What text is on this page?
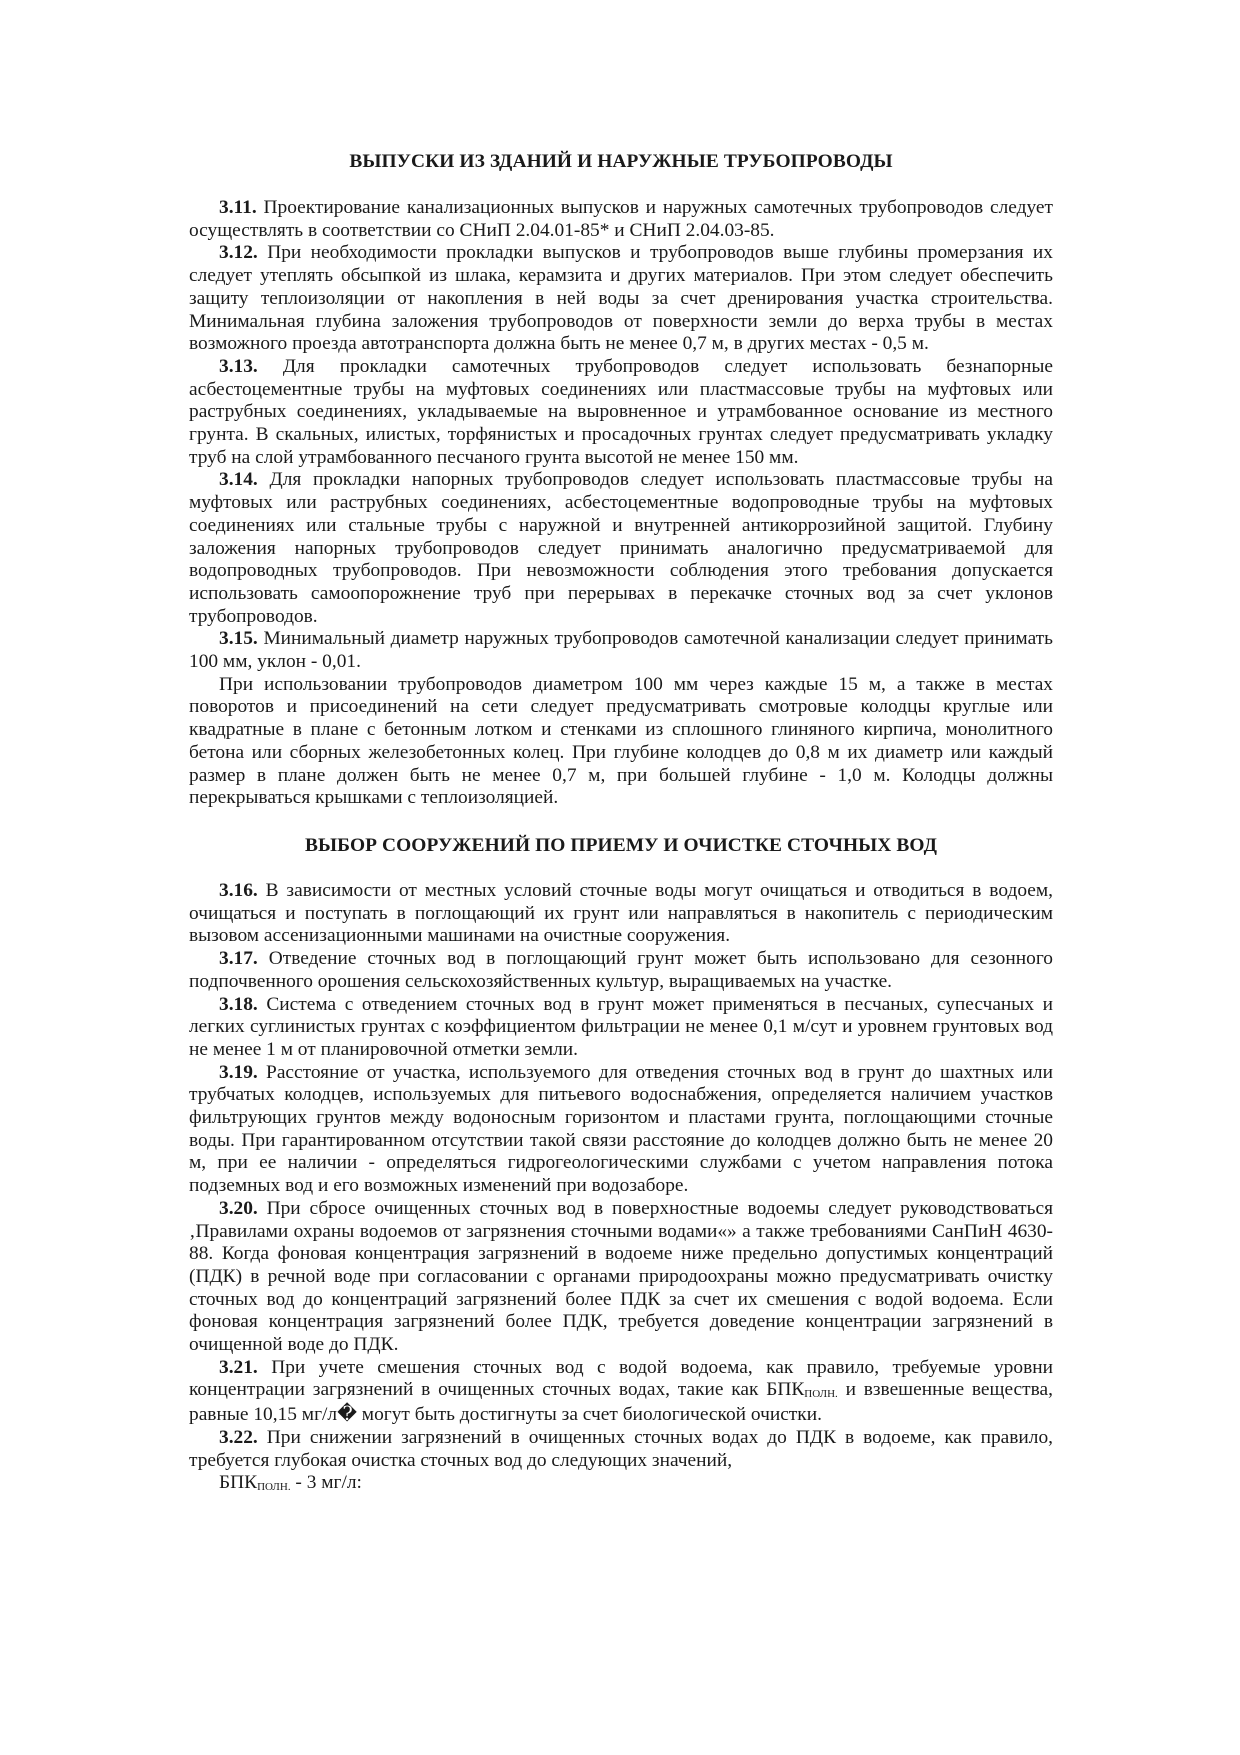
ВЫПУСКИ ИЗ ЗДАНИЙ И НАРУЖНЫЕ ТРУБОПРОВОДЫ

3.11. Проектирование канализационных выпусков и наружных самотечных трубопроводов следует осуществлять в соответствии со СНиП 2.04.01-85* и СНиП 2.04.03-85.

3.12. При необходимости прокладки выпусков и трубопроводов выше глубины промерзания их следует утеплять обсыпкой из шлака, керамзита и других материалов. При этом следует обеспечить защиту теплоизоляции от накопления в ней воды за счет дренирования участка строительства. Минимальная глубина заложения трубопроводов от поверхности земли до верха трубы в местах возможного проезда автотранспорта должна быть не менее 0,7 м, в других местах - 0,5 м.

3.13. Для прокладки самотечных трубопроводов следует использовать безнапорные асбестоцементные трубы на муфтовых соединениях или пластмассовые трубы на муфтовых или раструбных соединениях, укладываемые на выровненное и утрамбованное основание из местного грунта. В скальных, илистых, торфянистых и просадочных грунтах следует предусматривать укладку труб на слой утрамбованного песчаного грунта высотой не менее 150 мм.

3.14. Для прокладки напорных трубопроводов следует использовать пластмассовые трубы на муфтовых или раструбных соединениях, асбестоцементные водопроводные трубы на муфтовых соединениях или стальные трубы с наружной и внутренней антикоррозийной защитой. Глубину заложения напорных трубопроводов следует принимать аналогично предусматриваемой для водопроводных трубопроводов. При невозможности соблюдения этого требования допускается использовать самоопорожнение труб при перерывах в перекачке сточных вод за счет уклонов трубопроводов.

3.15. Минимальный диаметр наружных трубопроводов самотечной канализации следует принимать 100 мм, уклон - 0,01.

При использовании трубопроводов диаметром 100 мм через каждые 15 м, а также в местах поворотов и присоединений на сети следует предусматривать смотровые колодцы круглые или квадратные в плане с бетонным лотком и стенками из сплошного глиняного кирпича, монолитного бетона или сборных железобетонных колец. При глубине колодцев до 0,8 м их диаметр или каждый размер в плане должен быть не менее 0,7 м, при большей глубине - 1,0 м. Колодцы должны перекрываться крышками с теплоизоляцией.

ВЫБОР СООРУЖЕНИЙ ПО ПРИЕМУ И ОЧИСТКЕ СТОЧНЫХ ВОД

3.16. В зависимости от местных условий сточные воды могут очищаться и отводиться в водоем, очищаться и поступать в поглощающий их грунт или направляться в накопитель с периодическим вызовом ассенизационными машинами на очистные сооружения.

3.17. Отведение сточных вод в поглощающий грунт может быть использовано для сезонного подпочвенного орошения сельскохозяйственных культур, выращиваемых на участке.

3.18. Система с отведением сточных вод в грунт может применяться в песчаных, супесчаных и легких суглинистых грунтах с коэффициентом фильтрации не менее 0,1 м/сут и уровнем грунтовых вод не менее 1 м от планировочной отметки земли.

3.19. Расстояние от участка, используемого для отведения сточных вод в грунт до шахтных или трубчатых колодцев, используемых для питьевого водоснабжения, определяется наличием участков фильтрующих грунтов между водоносным горизонтом и пластами грунта, поглощающими сточные воды. При гарантированном отсутствии такой связи расстояние до колодцев должно быть не менее 20 м, при ее наличии - определяться гидрогеологическими службами с учетом направления потока подземных вод и его возможных изменений при водозаборе.

3.20. При сбросе очищенных сточных вод в поверхностные водоемы следует руководствоваться ‚Правилами охраны водоемов от загрязнения сточными водами«» а также требованиями СанПиН 4630-88. Когда фоновая концентрация загрязнений в водоеме ниже предельно допустимых концентраций (ПДК) в речной воде при согласовании с органами природоохраны можно предусматривать очистку сточных вод до концентраций загрязнений более ПДК за счет их смешения с водой водоема. Если фоновая концентрация загрязнений более ПДК, требуется доведение концентрации загрязнений в очищенной воде до ПДК.

3.21. При учете смешения сточных вод с водой водоема, как правило, требуемые уровни концентрации загрязнений в очищенных сточных водах, такие как $БПК_{ПОЛН.}$ и взвешенные вещества, равные 10,15 мг/л� могут быть достигнуты за счет биологической очистки.

3.22. При снижении загрязнений в очищенных сточных водах до ПДК в водоеме, как правило, требуется глубокая очистка сточных вод до следующих значений,

$БПК_{ПОЛН.} - 3$ мг/л:
